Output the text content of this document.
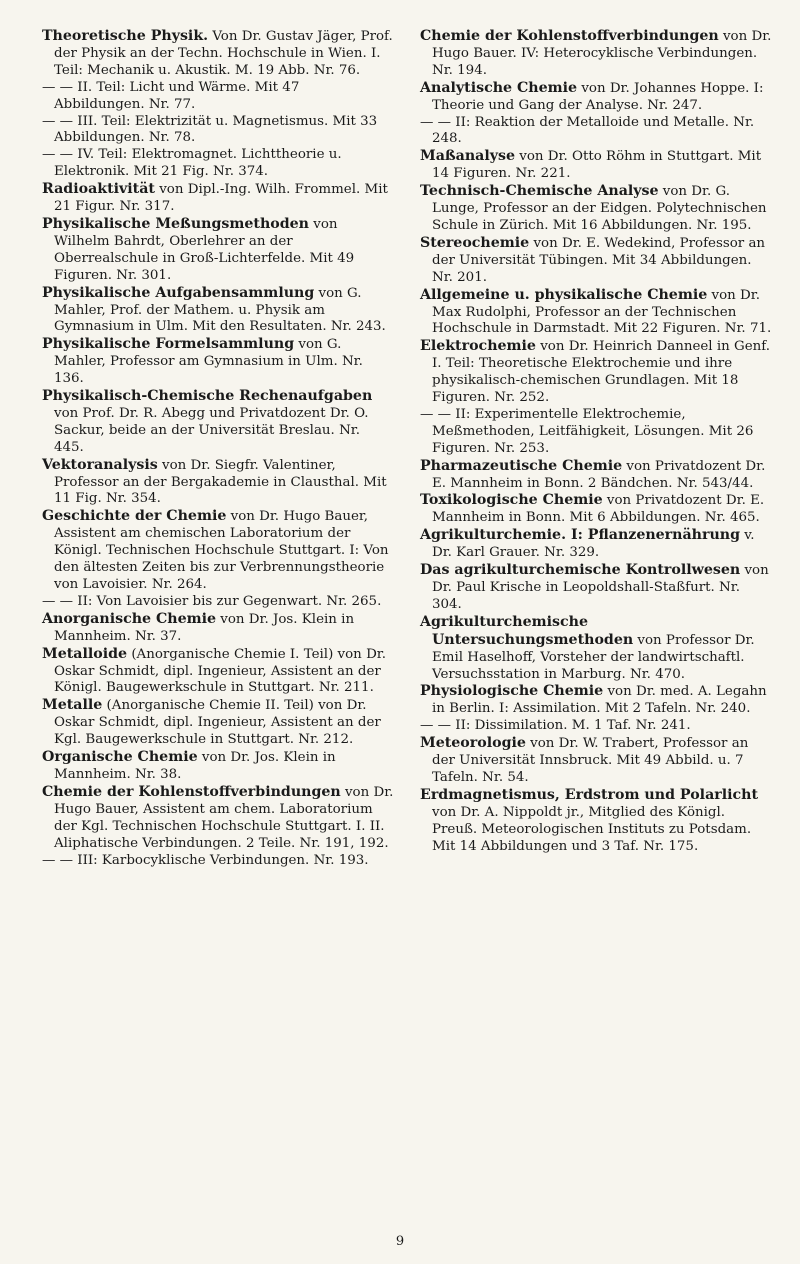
Theoretische Physik. Von Dr. Gustav Jäger, Prof. der Physik an der Techn. Hochschule in Wien. I. Teil: Mechanik u. Akustik. M. 19 Abb. Nr. 76.

— — II. Teil: Licht und Wärme. Mit 47 Abbildungen. Nr. 77.

— — III. Teil: Elektrizität u. Magnetismus. Mit 33 Abbildungen. Nr. 78.

— — IV. Teil: Elektromagnet. Lichttheorie u. Elektronik. Mit 21 Fig. Nr. 374.

Radioaktivität von Dipl.-Ing. Wilh. Frommel. Mit 21 Figur. Nr. 317.

Physikalische Meßungsmethoden von Wilhelm Bahrdt, Oberlehrer an der Oberrealschule in Groß-Lichterfelde. Mit 49 Figuren. Nr. 301.

Physikalische Aufgabensammlung von G. Mahler, Prof. der Mathem. u. Physik am Gymnasium in Ulm. Mit den Resultaten. Nr. 243.

Physikalische Formelsammlung von G. Mahler, Professor am Gymnasium in Ulm. Nr. 136.

Physikalisch-Chemische Rechenaufgaben von Prof. Dr. R. Abegg und Privatdozent Dr. O. Sackur, beide an der Universität Breslau. Nr. 445.

Vektoranalysis von Dr. Siegfr. Valentiner, Professor an der Bergakademie in Clausthal. Mit 11 Fig. Nr. 354.

Geschichte der Chemie von Dr. Hugo Bauer, Assistent am chemischen Laboratorium der Königl. Technischen Hochschule Stuttgart. I: Von den ältesten Zeiten bis zur Verbrennungstheorie von Lavoisier. Nr. 264.

— — II: Von Lavoisier bis zur Gegenwart. Nr. 265.

Anorganische Chemie von Dr. Jos. Klein in Mannheim. Nr. 37.

Metalloide (Anorganische Chemie I. Teil) von Dr. Oskar Schmidt, dipl. Ingenieur, Assistent an der Königl. Baugewerkschule in Stuttgart. Nr. 211.

Metalle (Anorganische Chemie II. Teil) von Dr. Oskar Schmidt, dipl. Ingenieur, Assistent an der Kgl. Baugewerkschule in Stuttgart. Nr. 212.

Organische Chemie von Dr. Jos. Klein in Mannheim. Nr. 38.

Chemie der Kohlenstoffverbindungen von Dr. Hugo Bauer, Assistent am chem. Laboratorium der Kgl. Technischen Hochschule Stuttgart. I. II. Aliphatische Verbindungen. 2 Teile. Nr. 191, 192.

— — III: Karbocyklische Verbindungen. Nr. 193.

Chemie der Kohlenstoffverbindungen von Dr. Hugo Bauer. IV: Heterocyklische Verbindungen. Nr. 194.

Analytische Chemie von Dr. Johannes Hoppe. I: Theorie und Gang der Analyse. Nr. 247.

— — II: Reaktion der Metalloide und Metalle. Nr. 248.

Maßanalyse von Dr. Otto Röhm in Stuttgart. Mit 14 Figuren. Nr. 221.

Technisch-Chemische Analyse von Dr. G. Lunge, Professor an der Eidgen. Polytechnischen Schule in Zürich. Mit 16 Abbildungen. Nr. 195.

Stereochemie von Dr. E. Wedekind, Professor an der Universität Tübingen. Mit 34 Abbildungen. Nr. 201.

Allgemeine u. physikalische Chemie von Dr. Max Rudolphi, Professor an der Technischen Hochschule in Darmstadt. Mit 22 Figuren. Nr. 71.

Elektrochemie von Dr. Heinrich Danneel in Genf. I. Teil: Theoretische Elektrochemie und ihre physikalisch-chemischen Grundlagen. Mit 18 Figuren. Nr. 252.

— — II: Experimentelle Elektrochemie, Meßmethoden, Leitfähigkeit, Lösungen. Mit 26 Figuren. Nr. 253.

Pharmazeutische Chemie von Privatdozent Dr. E. Mannheim in Bonn. 2 Bändchen. Nr. 543/44.

Toxikologische Chemie von Privatdozent Dr. E. Mannheim in Bonn. Mit 6 Abbildungen. Nr. 465.

Agrikulturchemie. I: Pflanzenernährung v. Dr. Karl Grauer. Nr. 329.

Das agrikulturchemische Kontrollwesen von Dr. Paul Krische in Leopoldshall-Staßfurt. Nr. 304.

Agrikulturchemische Untersuchungsmethoden von Professor Dr. Emil Haselhoff, Vorsteher der landwirtschaftl. Versuchsstation in Marburg. Nr. 470.

Physiologische Chemie von Dr. med. A. Legahn in Berlin. I: Assimilation. Mit 2 Tafeln. Nr. 240.

— — II: Dissimilation. M. 1 Taf. Nr. 241.

Meteorologie von Dr. W. Trabert, Professor an der Universität Innsbruck. Mit 49 Abbild. u. 7 Tafeln. Nr. 54.

Erdmagnetismus, Erdstrom und Polarlicht von Dr. A. Nippoldt jr., Mitglied des Königl. Preuß. Meteorologischen Instituts zu Potsdam. Mit 14 Abbildungen und 3 Taf. Nr. 175.

9
